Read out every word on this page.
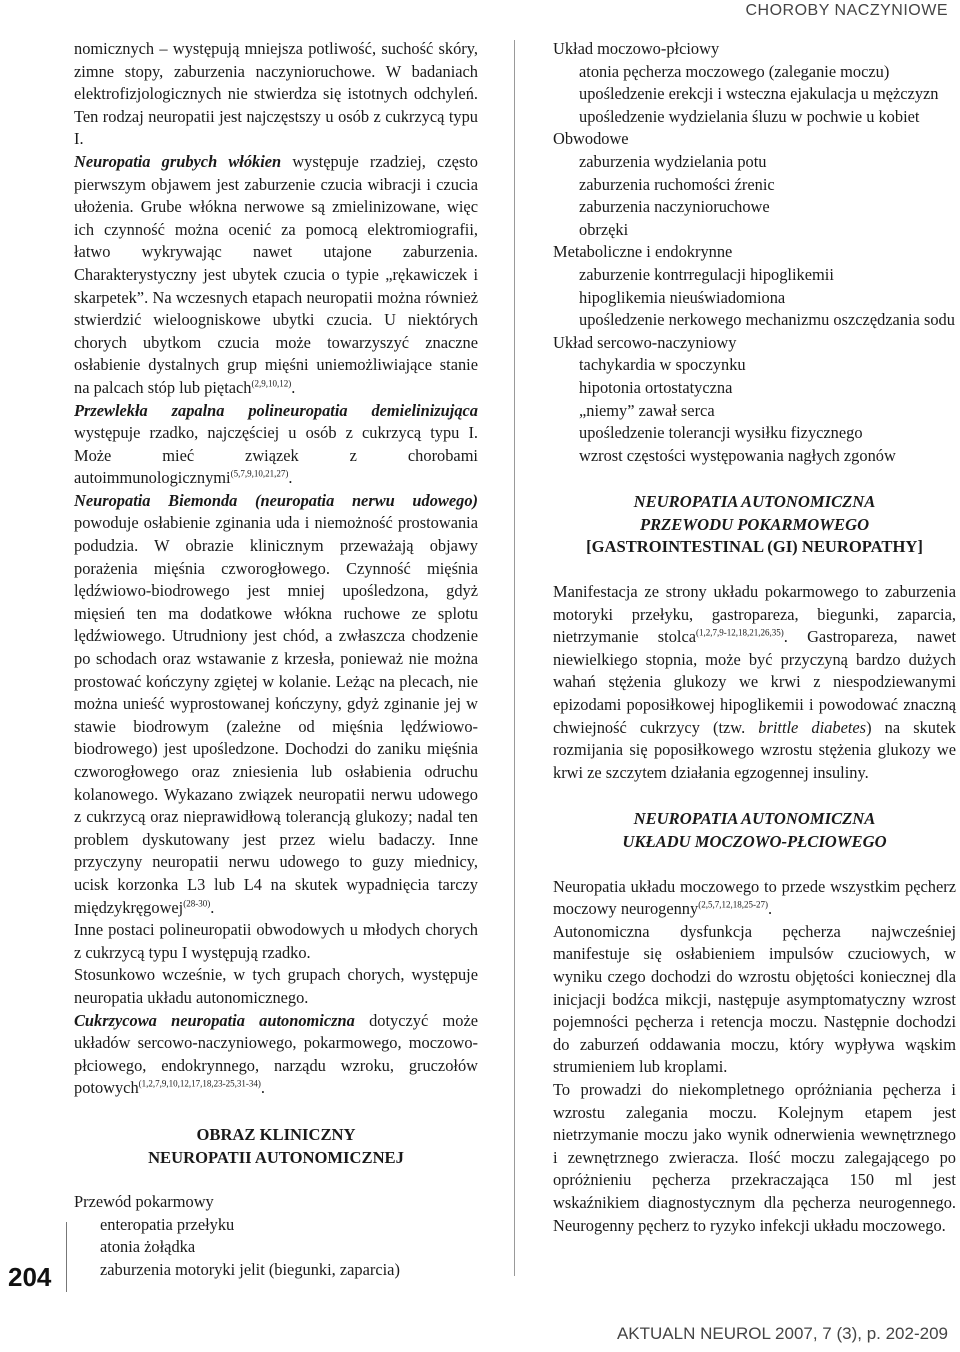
CHOROBY NACZYNIOWE

nomicznych – występują mniejsza potliwość, suchość skóry, zimne stopy, zaburzenia naczynioruchowe. W badaniach elektrofizjologicznych nie stwierdza się istotnych odchyleń. Ten rodzaj neuropatii jest najczęstszy u osób z cukrzycą typu I.

Neuropatia grubych włókien występuje rzadziej, często pierwszym objawem jest zaburzenie czucia wibracji i czucia ułożenia. Grube włókna nerwowe są zmielinizowane, więc ich czynność można ocenić za pomocą elektromiografii, łatwo wykrywając nawet utajone zaburzenia. Charakterystyczny jest ubytek czucia o typie „rękawiczek i skarpetek”. Na wczesnych etapach neuropatii można również stwierdzić wieloogniskowe ubytki czucia. U niektórych chorych ubytkom czucia może towarzyszyć znaczne osłabienie dystalnych grup mięśni uniemożliwiające stanie na palcach stóp lub piętach$^{(2,9,10,12)}$.

Przewlekła zapalna polineuropatia demielinizująca występuje rzadko, najczęściej u osób z cukrzycą typu I. Może mieć związek z chorobami autoimmunologicznymi$^{(5,7,9,10,21,27)}$.

Neuropatia Biemonda (neuropatia nerwu udowego) powoduje osłabienie zginania uda i niemożność prostowania podudzia. W obrazie klinicznym przeważają objawy porażenia mięśnia czworogłowego. Czynność mięśnia lędźwiowo-biodrowego jest mniej upośledzona, gdyż mięsień ten ma dodatkowe włókna ruchowe ze splotu lędźwiowego. Utrudniony jest chód, a zwłaszcza chodzenie po schodach oraz wstawanie z krzesła, ponieważ nie można prostować kończyny zgiętej w kolanie. Leżąc na plecach, nie można unieść wyprostowanej kończyny, gdyż zginanie jej w stawie biodrowym (zależne od mięśnia lędźwiowo-biodrowego) jest upośledzone. Dochodzi do zaniku mięśnia czworogłowego oraz zniesienia lub osłabienia odruchu kolanowego. Wykazano związek neuropatii nerwu udowego z cukrzycą oraz nieprawidłową tolerancją glukozy; nadal ten problem dyskutowany jest przez wielu badaczy. Inne przyczyny neuropatii nerwu udowego to guzy miednicy, ucisk korzonka L3 lub L4 na skutek wypadnięcia tarczy międzykręgowej$^{(28-30)}$.

Inne postaci polineuropatii obwodowych u młodych chorych z cukrzycą typu I występują rzadko.

Stosunkowo wcześnie, w tych grupach chorych, występuje neuropatia układu autonomicznego.

Cukrzycowa neuropatia autonomiczna dotyczyć może układów sercowo-naczyniowego, pokarmowego, moczowo-płciowego, endokrynnego, narządu wzroku, gruczołów potowych$^{(1,2,7,9,10,12,17,18,23-25,31-34)}$.

OBRAZ KLINICZNY
NEUROPATII AUTONOMICZNEJ
Przewód pokarmowy
enteropatia przełyku
atonia żołądka
zaburzenia motoryki jelit (biegunki, zaparcia)
Układ moczowo-płciowy
atonia pęcherza moczowego (zaleganie moczu)
upośledzenie erekcji i wsteczna ejakulacja u mężczyzn
upośledzenie wydzielania śluzu w pochwie u kobiet
Obwodowe
zaburzenia wydzielania potu
zaburzenia ruchomości źrenic
zaburzenia naczynioruchowe
obrzęki
Metaboliczne i endokrynne
zaburzenie kontrregulacji hipoglikemii
hipoglikemia nieuświadomiona
upośledzenie nerkowego mechanizmu oszczędzania sodu
Układ sercowo-naczyniowy
tachykardia w spoczynku
hipotonia ortostatyczna
„niemy” zawał serca
upośledzenie tolerancji wysiłku fizycznego
wzrost częstości występowania nagłych zgonów
NEUROPATIA AUTONOMICZNA
PRZEWODU POKARMOWEGO
[GASTROINTESTINAL (GI) NEUROPATHY]

Manifestacja ze strony układu pokarmowego to zaburzenia motoryki przełyku, gastropareza, biegunki, zaparcia, nietrzymanie stolca$^{(1,2,7,9-12,18,21,26,35)}$. Gastropareza, nawet niewielkiego stopnia, może być przyczyną bardzo dużych wahań stężenia glukozy we krwi z niespodziewanymi epizodami poposiłkowej hipoglikemii i powodować znaczną chwiejność cukrzycy (tzw. brittle diabetes) na skutek rozmijania się poposiłkowego wzrostu stężenia glukozy we krwi ze szczytem działania egzogennej insuliny.

NEUROPATIA AUTONOMICZNA
UKŁADU MOCZOWO-PŁCIOWEGO

Neuropatia układu moczowego to przede wszystkim pęcherz moczowy neurogenny$^{(2,5,7,12,18,25-27)}$.

Autonomiczna dysfunkcja pęcherza najwcześniej manifestuje się osłabieniem impulsów czuciowych, w wyniku czego dochodzi do wzrostu objętości koniecznej dla inicjacji bodźca mikcji, następuje asymptomatyczny wzrost pojemności pęcherza i retencja moczu. Następnie dochodzi do zaburzeń oddawania moczu, który wypływa wąskim strumieniem lub kroplami.

To prowadzi do niekompletnego opróżniania pęcherza i wzrostu zalegania moczu. Kolejnym etapem jest nietrzymanie moczu jako wynik odnerwienia wewnętrznego i zewnętrznego zwieracza. Ilość moczu zalegającego po opróżnieniu pęcherza przekraczająca 150 ml jest wskaźnikiem diagnostycznym dla pęcherza neurogennego. Neurogenny pęcherz to ryzyko infekcji układu moczowego.

204
AKTUALN NEUROL 2007, 7 (3), p. 202-209
